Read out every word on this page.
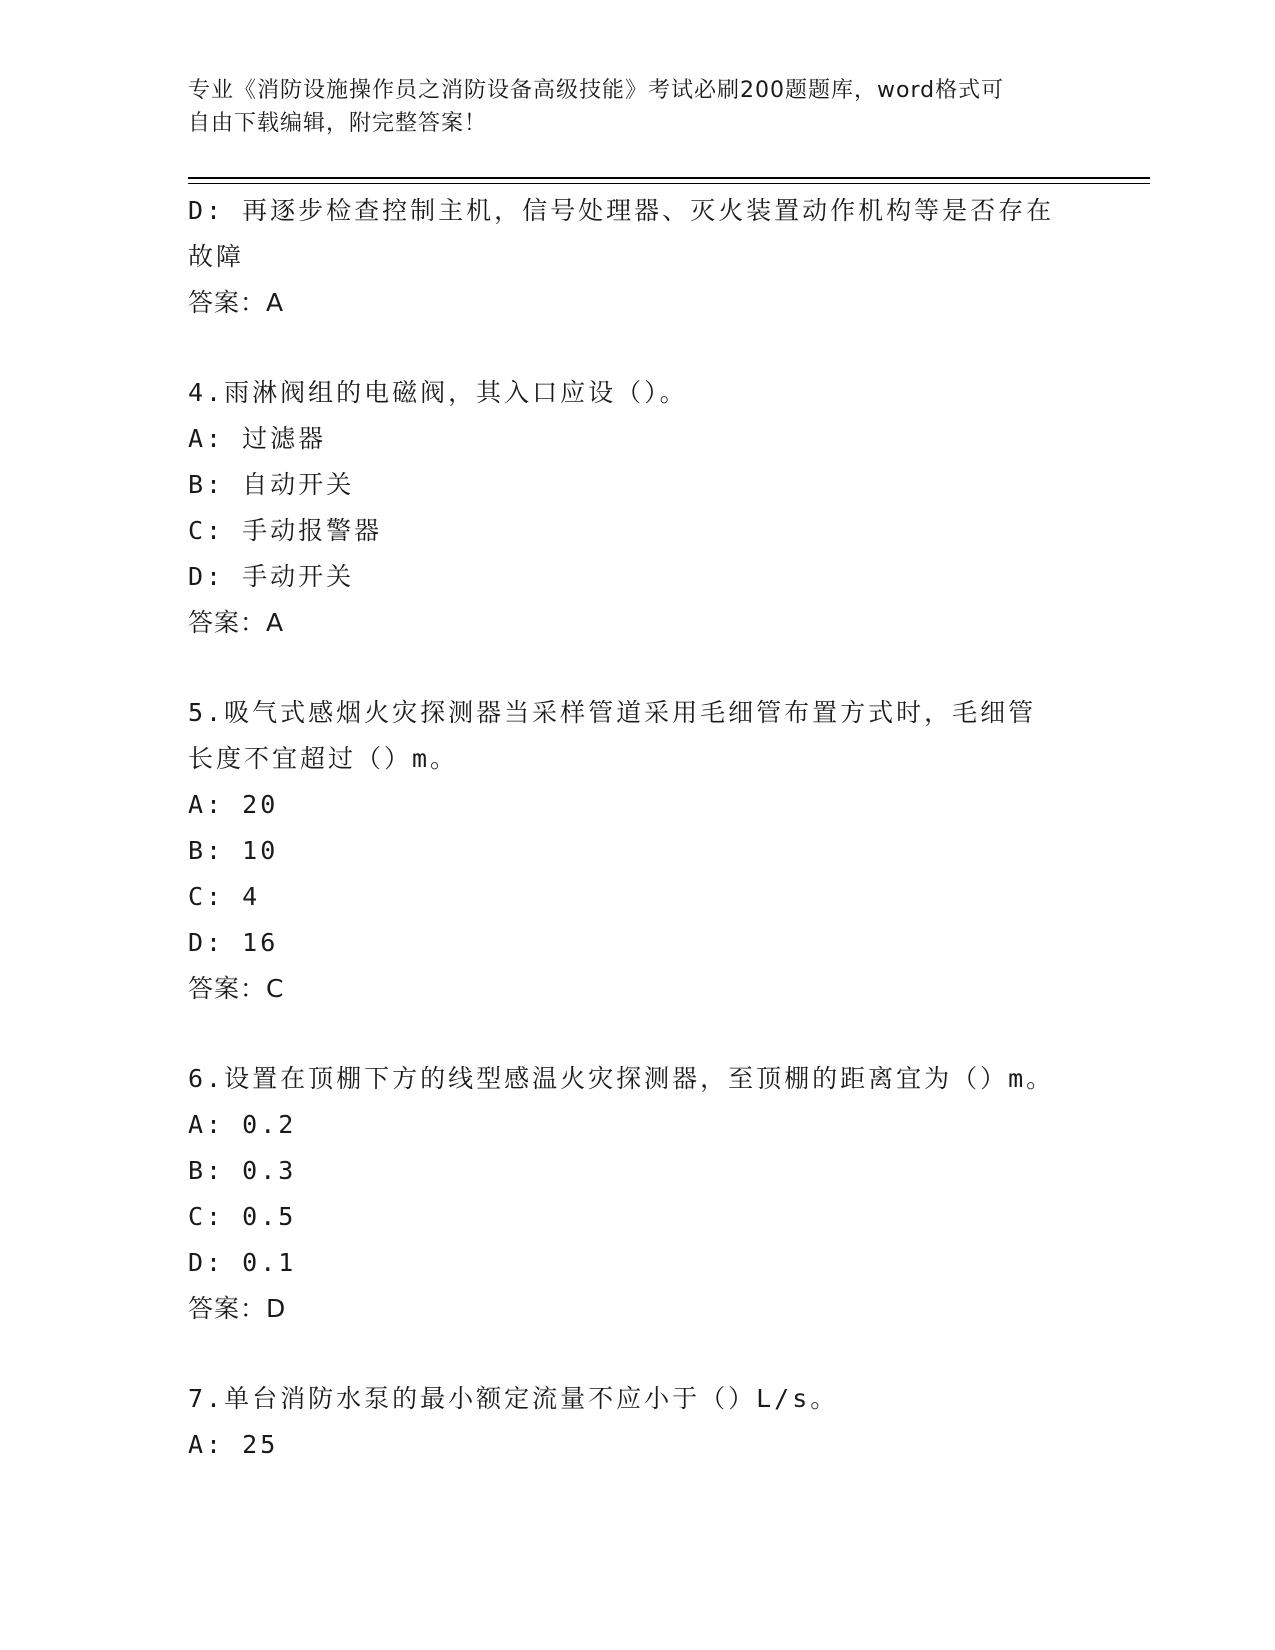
专业《消防设施操作员之消防设备高级技能》考试必刷200题题库，word格式可
自由下载编辑，附完整答案！
D: 再逐步检查控制主机，信号处理器、灭火装置动作机构等是否存在
故障
答案：A
4.雨淋阀组的电磁阀，其入口应设（）。
A: 过滤器
B: 自动开关
C: 手动报警器
D: 手动开关
答案：A
5.吸气式感烟火灾探测器当采样管道采用毛细管布置方式时，毛细管
长度不宜超过（）m。
A: 20
B: 10
C: 4
D: 16
答案：C
6.设置在顶棚下方的线型感温火灾探测器，至顶棚的距离宜为（）m。
A: 0.2
B: 0.3
C: 0.5
D: 0.1
答案：D
7.单台消防水泵的最小额定流量不应小于（）L/s。
A: 25
